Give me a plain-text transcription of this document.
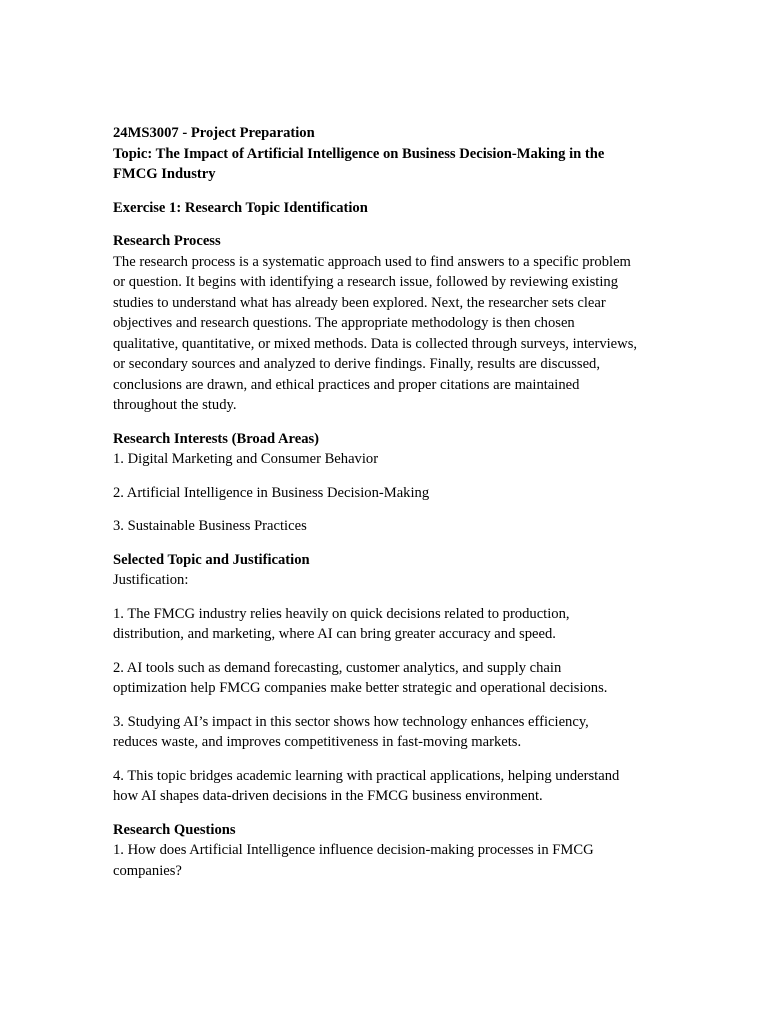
24MS3007 - Project Preparation
Topic: The Impact of Artificial Intelligence on Business Decision-Making in the
FMCG Industry
Exercise 1: Research Topic Identification
Research Process
The research process is a systematic approach used to find answers to a specific problem
or question. It begins with identifying a research issue, followed by reviewing existing
studies to understand what has already been explored. Next, the researcher sets clear
objectives and research questions. The appropriate methodology is then chosen
qualitative, quantitative, or mixed methods. Data is collected through surveys, interviews,
or secondary sources and analyzed to derive findings. Finally, results are discussed,
conclusions are drawn, and ethical practices and proper citations are maintained
throughout the study.
Research Interests (Broad Areas)
1. Digital Marketing and Consumer Behavior
2. Artificial Intelligence in Business Decision-Making
3. Sustainable Business Practices
Selected Topic and Justification
Justification:
1. The FMCG industry relies heavily on quick decisions related to production,
distribution, and marketing, where AI can bring greater accuracy and speed.
2. AI tools such as demand forecasting, customer analytics, and supply chain
optimization help FMCG companies make better strategic and operational decisions.
3. Studying AI’s impact in this sector shows how technology enhances efficiency,
reduces waste, and improves competitiveness in fast-moving markets.
4. This topic bridges academic learning with practical applications, helping understand
how AI shapes data-driven decisions in the FMCG business environment.
Research Questions
1. How does Artificial Intelligence influence decision-making processes in FMCG
companies?
